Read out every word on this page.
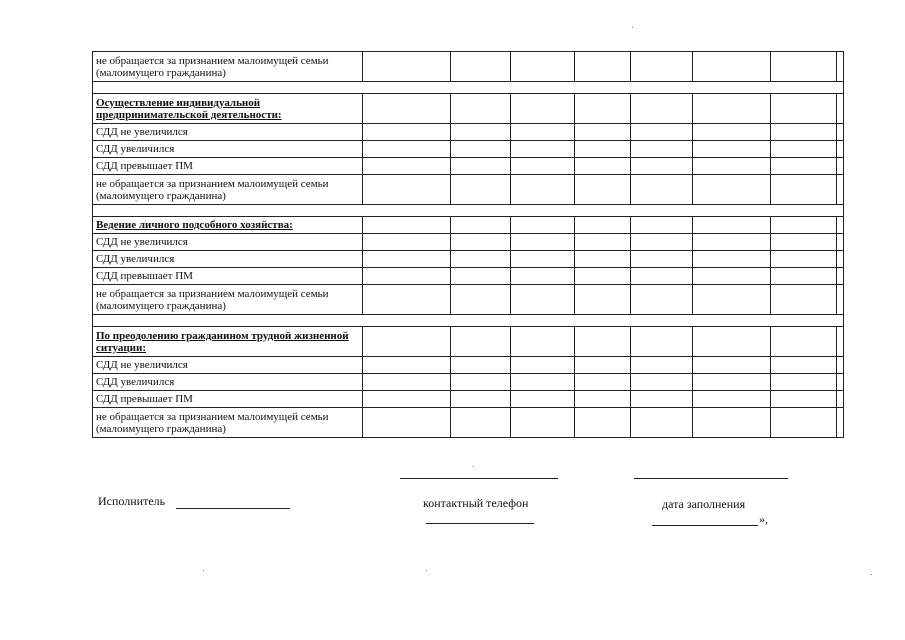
не обращается за признанием малоимущей семьи (малоимущего гражданина)								

Осуществление индивидуальной предпринимательской деятельности:								
СДД не увеличился								
СДД увеличился								
СДД превышает ПМ								
не обращается за признанием малоимущей семьи (малоимущего гражданина)								

Ведение личного подсобного хозяйства:								
СДД не увеличился								
СДД увеличился								
СДД превышает ПМ								
не обращается за признанием малоимущей семьи (малоимущего гражданина)								

По преодолению гражданином трудной жизненной ситуации:								
СДД не увеличился								
СДД увеличился								
СДД превышает ПМ								
не обращается за признанием малоимущей семьи (малоимущего гражданина)								
Исполнитель	контактный телефон	дата заполнения
»,
